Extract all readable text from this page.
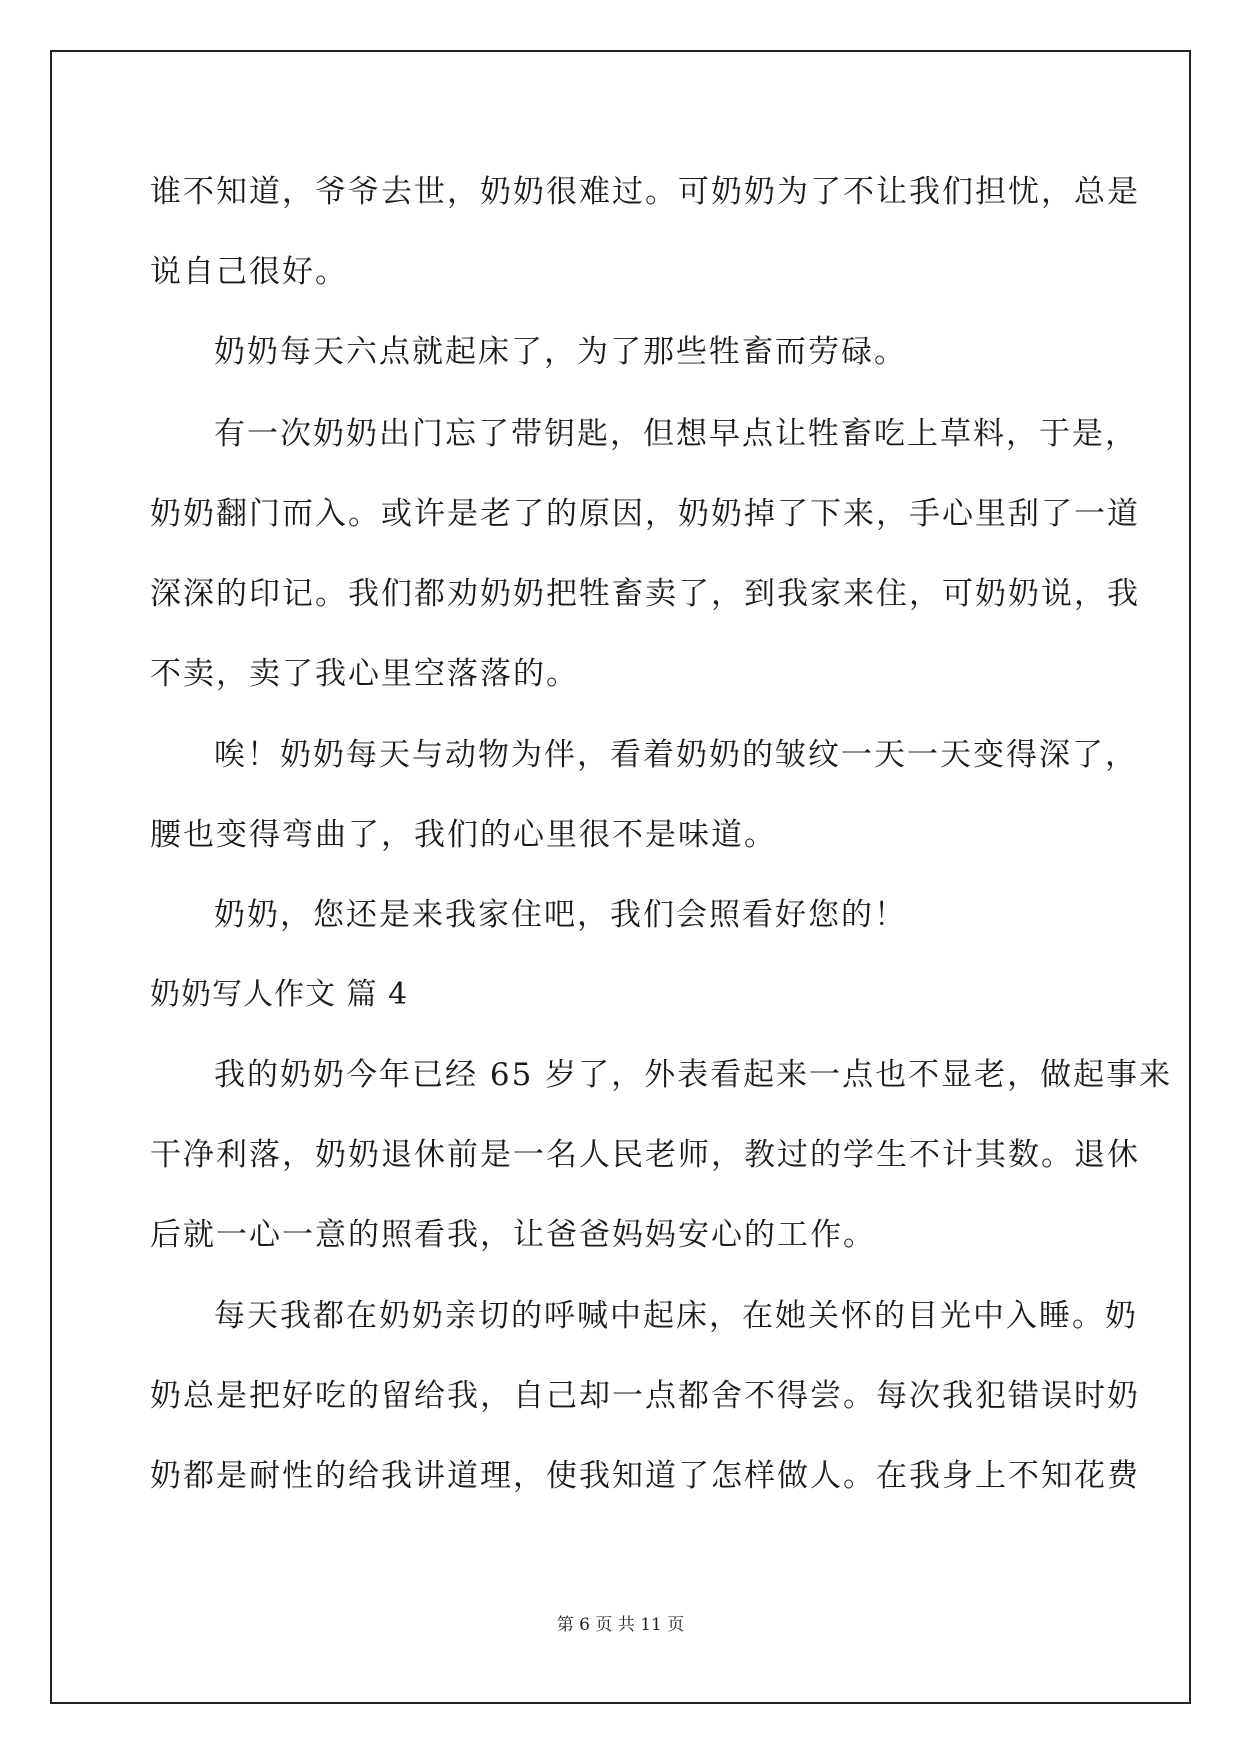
谁不知道，爷爷去世，奶奶很难过。可奶奶为了不让我们担忧，总是
说自己很好。
奶奶每天六点就起床了，为了那些牲畜而劳碌。
有一次奶奶出门忘了带钥匙，但想早点让牲畜吃上草料，于是，
奶奶翻门而入。或许是老了的原因，奶奶掉了下来，手心里刮了一道
深深的印记。我们都劝奶奶把牲畜卖了，到我家来住，可奶奶说，我
不卖，卖了我心里空落落的。
唉！奶奶每天与动物为伴，看着奶奶的皱纹一天一天变得深了，
腰也变得弯曲了，我们的心里很不是味道。
奶奶，您还是来我家住吧，我们会照看好您的！
奶奶写人作文 篇 4
我的奶奶今年已经 65 岁了，外表看起来一点也不显老，做起事来
干净利落，奶奶退休前是一名人民老师，教过的学生不计其数。退休
后就一心一意的照看我，让爸爸妈妈安心的工作。
每天我都在奶奶亲切的呼喊中起床，在她关怀的目光中入睡。奶
奶总是把好吃的留给我，自己却一点都舍不得尝。每次我犯错误时奶
奶都是耐性的给我讲道理，使我知道了怎样做人。在我身上不知花费
第 6 页 共 11 页
